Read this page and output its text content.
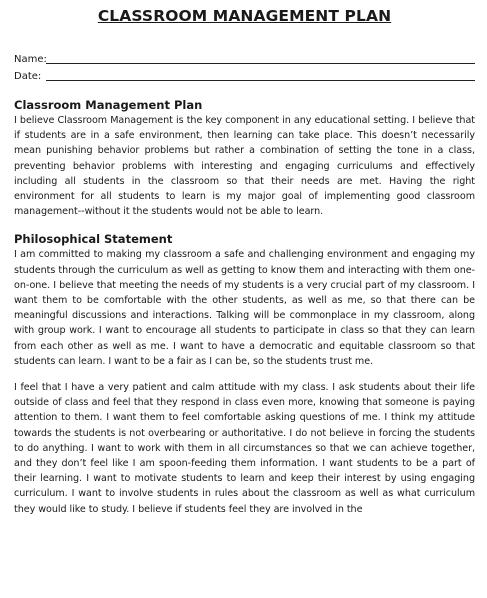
CLASSROOM MANAGEMENT PLAN
Name:
Date:
Classroom Management Plan

I believe Classroom Management is the key component in any educational setting. I believe that if students are in a safe environment, then learning can take place. This doesn’t necessarily mean punishing behavior problems but rather a combination of setting the tone in a class, preventing behavior problems with interesting and engaging curriculums and effectively including all students in the classroom so that their needs are met. Having the right environment for all students to learn is my major goal of implementing good classroom management--without it the students would not be able to learn.

Philosophical Statement

I am committed to making my classroom a safe and challenging environment and engaging my students through the curriculum as well as getting to know them and interacting with them one-on-one. I believe that meeting the needs of my students is a very crucial part of my classroom. I want them to be comfortable with the other students, as well as me, so that there can be meaningful discussions and interactions. Talking will be commonplace in my classroom, along with group work. I want to encourage all students to participate in class so that they can learn from each other as well as me. I want to have a democratic and equitable classroom so that students can learn. I want to be a fair as I can be, so the students trust me.

I feel that I have a very patient and calm attitude with my class. I ask students about their life outside of class and feel that they respond in class even more, knowing that someone is paying attention to them. I want them to feel comfortable asking questions of me. I think my attitude towards the students is not overbearing or authoritative. I do not believe in forcing the students to do anything. I want to work with them in all circumstances so that we can achieve together, and they don’t feel like I am spoon-feeding them information. I want students to be a part of their learning. I want to motivate students to learn and keep their interest by using engaging curriculum. I want to involve students in rules about the classroom as well as what curriculum they would like to study. I believe if students feel they are involved in the
